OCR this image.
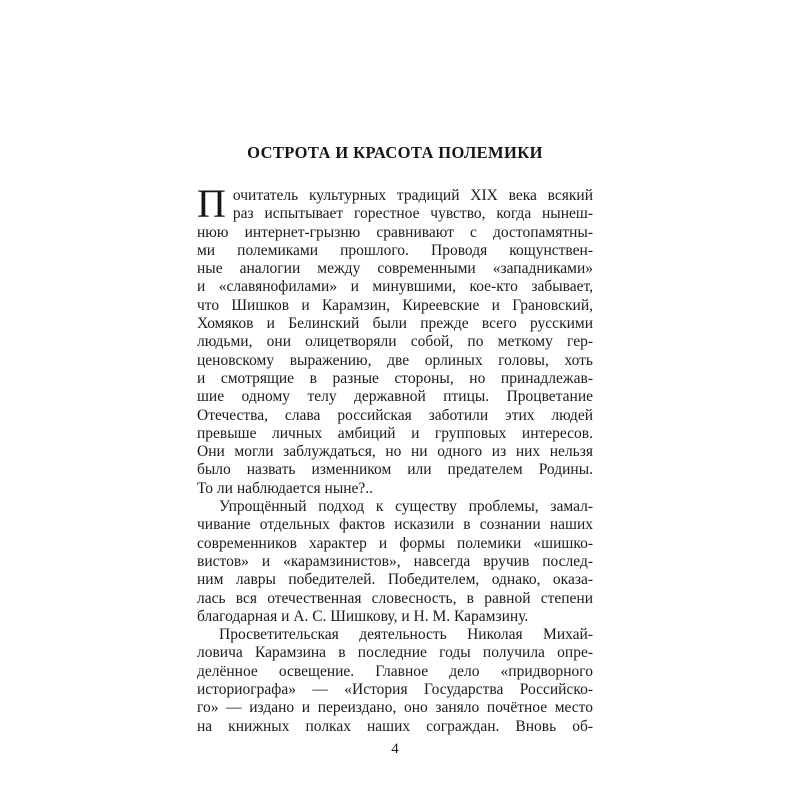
ОСТРОТА И КРАСОТА ПОЛЕМИКИ
П очитатель культурных традиций XIX века всякий
раз испытывает горестное чувство, когда нынеш-
нюю интернет-грызню сравнивают с достопамятны-
ми полемиками прошлого. Проводя кощунствен-
ные аналогии между современными «западниками»
и «славянофилами» и минувшими, кое-кто забывает,
что Шишков и Карамзин, Киреевские и Грановский,
Хомяков и Белинский были прежде всего русскими
людьми, они олицетворяли собой, по меткому гер-
ценовскому выражению, две орлиных головы, хоть
и смотрящие в разные стороны, но принадлежав-
шие одному телу державной птицы. Процветание
Отечества, слава российская заботили этих людей
превыше личных амбиций и групповых интересов.
Они могли заблуждаться, но ни одного из них нельзя
было назвать изменником или предателем Родины.
То ли наблюдается ныне?..
Упрощённый подход к существу проблемы, замал-
чивание отдельных фактов исказили в сознании наших
современников характер и формы полемики «шишко-
вистов» и «карамзинистов», навсегда вручив послед-
ним лавры победителей. Победителем, однако, оказа-
лась вся отечественная словесность, в равной степени
благодарная и А. С. Шишкову, и Н. М. Карамзину.
Просветительская деятельность Николая Михай-
ловича Карамзина в последние годы получила опре-
делённое освещение. Главное дело «придворного
историографа» — «История Государства Российско-
го» — издано и переиздано, оно заняло почётное место
на книжных полках наших сограждан. Вновь об-
4
